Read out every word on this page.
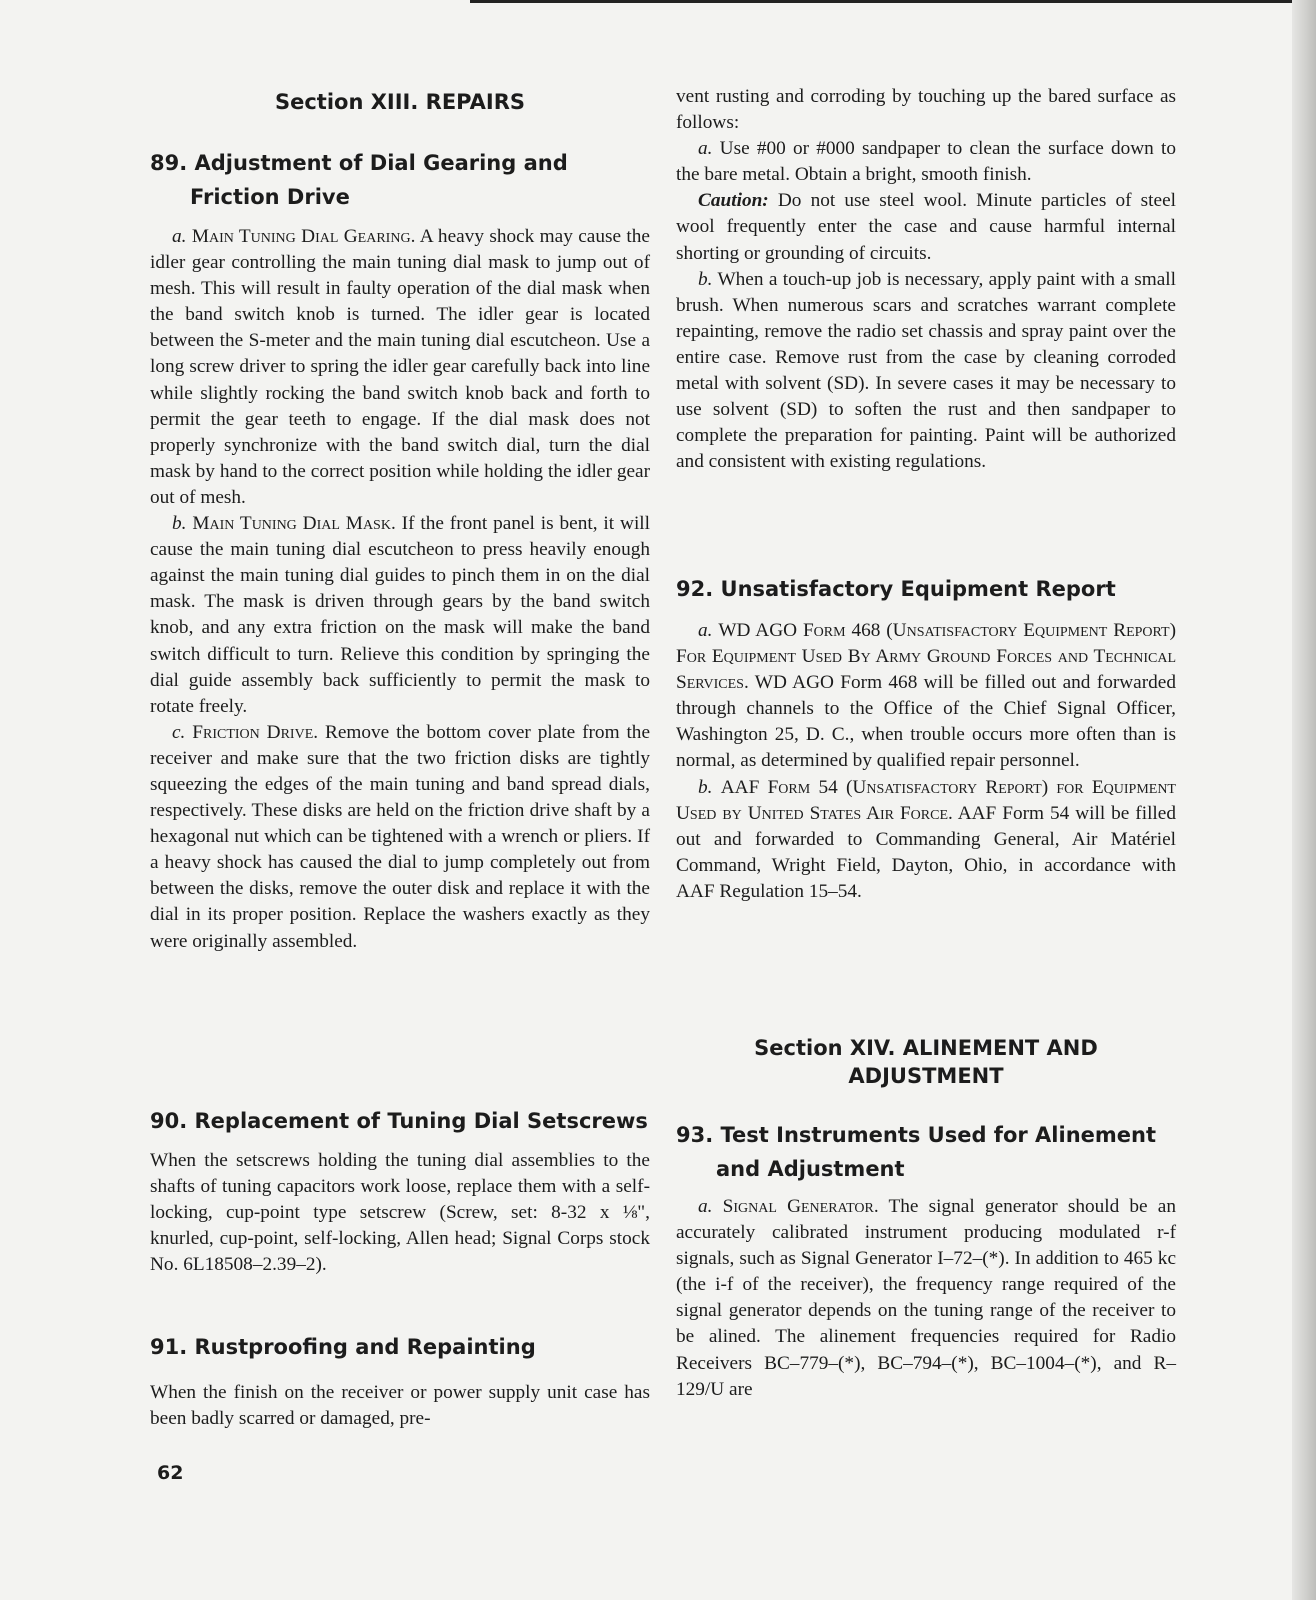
Section XIII. REPAIRS
89. Adjustment of Dial Gearing and Friction Drive

a. Main Tuning Dial Gearing. A heavy shock may cause the idler gear controlling the main tuning dial mask to jump out of mesh. This will result in faulty operation of the dial mask when the band switch knob is turned. The idler gear is located between the S-meter and the main tuning dial escutcheon. Use a long screw driver to spring the idler gear carefully back into line while slightly rocking the band switch knob back and forth to permit the gear teeth to engage. If the dial mask does not properly synchronize with the band switch dial, turn the dial mask by hand to the correct position while holding the idler gear out of mesh.

b. Main Tuning Dial Mask. If the front panel is bent, it will cause the main tuning dial escutcheon to press heavily enough against the main tuning dial guides to pinch them in on the dial mask. The mask is driven through gears by the band switch knob, and any extra friction on the mask will make the band switch difficult to turn. Relieve this condition by springing the dial guide assembly back sufficiently to permit the mask to rotate freely.

c. Friction Drive. Remove the bottom cover plate from the receiver and make sure that the two friction disks are tightly squeezing the edges of the main tuning and band spread dials, respectively. These disks are held on the friction drive shaft by a hexagonal nut which can be tightened with a wrench or pliers. If a heavy shock has caused the dial to jump completely out from between the disks, remove the outer disk and replace it with the dial in its proper position. Replace the washers exactly as they were originally assembled.

90. Replacement of Tuning Dial Setscrews

When the setscrews holding the tuning dial assemblies to the shafts of tuning capacitors work loose, replace them with a self-locking, cup-point type setscrew (Screw, set: 8-32 x ⅛", knurled, cup-point, self-locking, Allen head; Signal Corps stock No. 6L18508–2.39–2).

91. Rustproofing and Repainting

When the finish on the receiver or power supply unit case has been badly scarred or damaged, pre-

vent rusting and corroding by touching up the bared surface as follows:

a. Use #00 or #000 sandpaper to clean the surface down to the bare metal. Obtain a bright, smooth finish.

Caution: Do not use steel wool. Minute particles of steel wool frequently enter the case and cause harmful internal shorting or grounding of circuits.

b. When a touch-up job is necessary, apply paint with a small brush. When numerous scars and scratches warrant complete repainting, remove the radio set chassis and spray paint over the entire case. Remove rust from the case by cleaning corroded metal with solvent (SD). In severe cases it may be necessary to use solvent (SD) to soften the rust and then sandpaper to complete the preparation for painting. Paint will be authorized and consistent with existing regulations.

92. Unsatisfactory Equipment Report

a. WD AGO Form 468 (Unsatisfactory Equipment Report) For Equipment Used By Army Ground Forces and Technical Services. WD AGO Form 468 will be filled out and forwarded through channels to the Office of the Chief Signal Officer, Washington 25, D. C., when trouble occurs more often than is normal, as determined by qualified repair personnel.

b. AAF Form 54 (Unsatisfactory Report) for Equipment Used by United States Air Force. AAF Form 54 will be filled out and forwarded to Commanding General, Air Matériel Command, Wright Field, Dayton, Ohio, in accordance with AAF Regulation 15–54.

Section XIV. ALINEMENT AND
ADJUSTMENT
93. Test Instruments Used for Alinement and Adjustment

a. Signal Generator. The signal generator should be an accurately calibrated instrument producing modulated r-f signals, such as Signal Generator I–72–(*). In addition to 465 kc (the i-f of the receiver), the frequency range required of the signal generator depends on the tuning range of the receiver to be alined. The alinement frequencies required for Radio Receivers BC–779–(*), BC–794–(*), BC–1004–(*), and R–129/U are

62
